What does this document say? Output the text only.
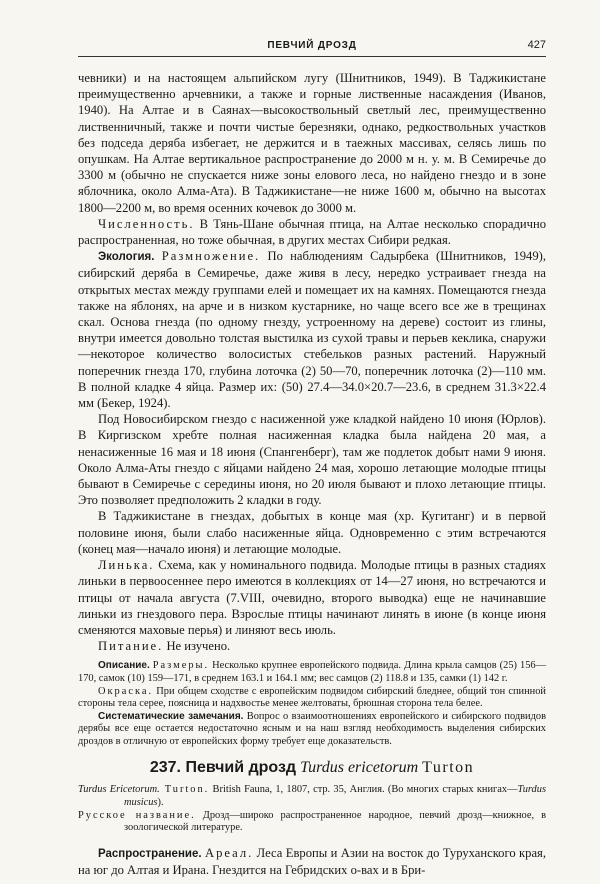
ПЕВЧИЙ ДРОЗД	427

чевники) и на настоящем альпийском лугу (Шнитников, 1949). В Таджикистане преимущественно арчевники, а также и горные лиственные насаждения (Иванов, 1940). На Алтае и в Саянах—высокоствольный светлый лес, преимущественно лиственничный, также и почти чистые березняки, однако, редкоствольных участков без подседа деряба избегает, не держится и в таежных массивах, селясь лишь по опушкам. На Алтае вертикальное распространение до 2000 м н. у. м. В Семиречье до 3300 м (обычно не спускается ниже зоны елового леса, но найдено гнездо и в зоне яблочника, около Алма-Ата). В Таджикистане—не ниже 1600 м, обычно на высотах 1800—2200 м, во время осенних кочевок до 3000 м.

Численность. В Тянь-Шане обычная птица, на Алтае несколько спорадично распространенная, но тоже обычная, в других местах Сибири редкая.

Экология. Размножение. По наблюдениям Садырбека (Шнитников, 1949), сибирский деряба в Семиречье, даже живя в лесу, нередко устраивает гнезда на открытых местах между группами елей и помещает их на камнях. Помещаются гнезда также на яблонях, на арче и в низком кустарнике, но чаще всего все же в трещинах скал. Основа гнезда (по одному гнезду, устроенному на дереве) состоит из глины, внутри имеется довольно толстая выстилка из сухой травы и перьев кеклика, снаружи—некоторое количество волосистых стебельков разных растений. Наружный поперечник гнезда 170, глубина лоточка (2) 50—70, поперечник лоточка (2)—110 мм. В полной кладке 4 яйца. Размер их: (50) 27.4—34.0×20.7—23.6, в среднем 31.3×22.4 мм (Бекер, 1924).

Под Новосибирском гнездо с насиженной уже кладкой найдено 10 июня (Юрлов). В Киргизском хребте полная насиженная кладка была найдена 20 мая, а ненасиженные 16 мая и 18 июня (Спангенберг), там же подлеток добыт нами 9 июня. Около Алма-Аты гнездо с яйцами найдено 24 мая, хорошо летающие молодые птицы бывают в Семиречье с середины июня, но 20 июля бывают и плохо летающие птицы. Это позволяет предположить 2 кладки в году.

В Таджикистане в гнездах, добытых в конце мая (хр. Кугитанг) и в первой половине июня, были слабо насиженные яйца. Одновременно с этим встречаются (конец мая—начало июня) и летающие молодые.

Линька. Схема, как у номинального подвида. Молодые птицы в разных стадиях линьки в первоосеннее перо имеются в коллекциях от 14—27 июня, но встречаются и птицы от начала августа (7.VIII, очевидно, второго выводка) еще не начинавшие линьки из гнездового пера. Взрослые птицы начинают линять в июне (в конце июня сменяются маховые перья) и линяют весь июль.

Питание. Не изучено.

Описание. Размеры. Несколько крупнее европейского подвида. Длина крыла самцов (25) 156—170, самок (10) 159—171, в среднем 163.1 и 164.1 мм; вес самцов (2) 118.8 и 135, самки (1) 142 г.

Окраска. При общем сходстве с европейским подвидом сибирский бледнее, общий тон спинной стороны тела серее, поясница и надхвостье менее желтоваты, брюшная сторона тела белее.

Систематические замечания. Вопрос о взаимоотношениях европейского и сибирского подвидов дерябы все еще остается недостаточно ясным и на наш взгляд необходимость выделения сибирских дроздов в отличную от европейских форму требует еще доказательств.

237. Певчий дрозд Turdus ericetorum Turton

Turdus Ericetorum. Turton. British Fauna, 1, 1807, стр. 35, Англия. (Во многих старых книгах—Turdus musicus).

Русское название. Дрозд—широко распространенное народное, певчий дрозд—книжное, в зоологической литературе.

Распространение. Ареал. Леса Европы и Азии на восток до Туруханского края, на юг до Алтая и Ирана. Гнездится на Гебридских о-вах и в Бри-
